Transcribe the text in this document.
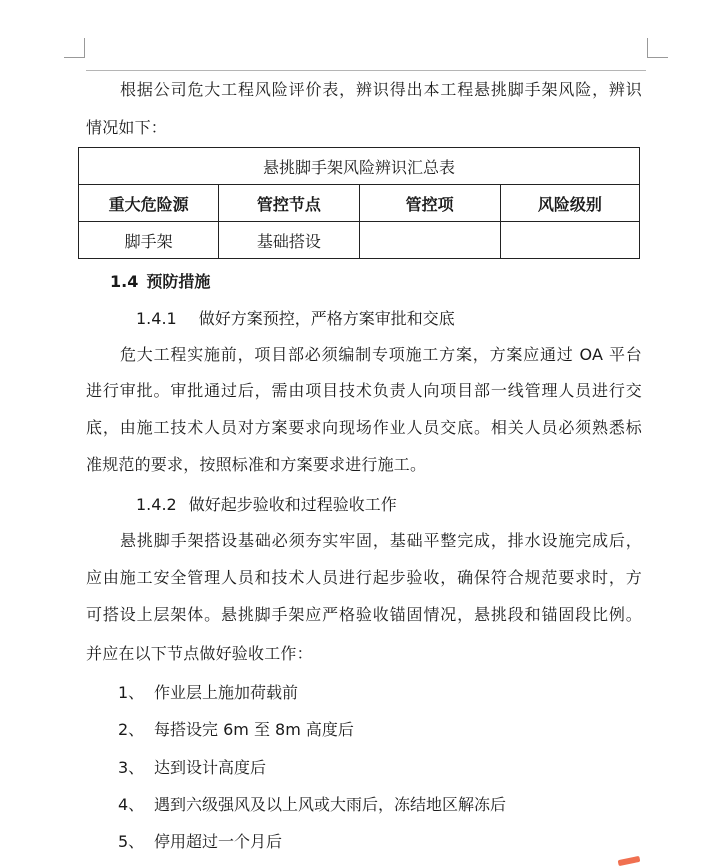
根据公司危大工程风险评价表，辨识得出本工程悬挑脚手架风险，辨识
情况如下：
悬挑脚手架风险辨识汇总表			
重大危险源	管控节点	管控项	风险级别
脚手架	基础搭设		
1.4 预防措施
1.4.1 做好方案预控，严格方案审批和交底
危大工程实施前，项目部必须编制专项施工方案，方案应通过 OA 平台
进行审批。审批通过后，需由项目技术负责人向项目部一线管理人员进行交
底，由施工技术人员对方案要求向现场作业人员交底。相关人员必须熟悉标
准规范的要求，按照标准和方案要求进行施工。
1.4.2 做好起步验收和过程验收工作
悬挑脚手架搭设基础必须夯实牢固，基础平整完成，排水设施完成后，
应由施工安全管理人员和技术人员进行起步验收，确保符合规范要求时，方
可搭设上层架体。悬挑脚手架应严格验收锚固情况，悬挑段和锚固段比例。
并应在以下节点做好验收工作：
1、 作业层上施加荷载前
2、 每搭设完 6m 至 8m 高度后
3、 达到设计高度后
4、 遇到六级强风及以上风或大雨后，冻结地区解冻后
5、 停用超过一个月后
